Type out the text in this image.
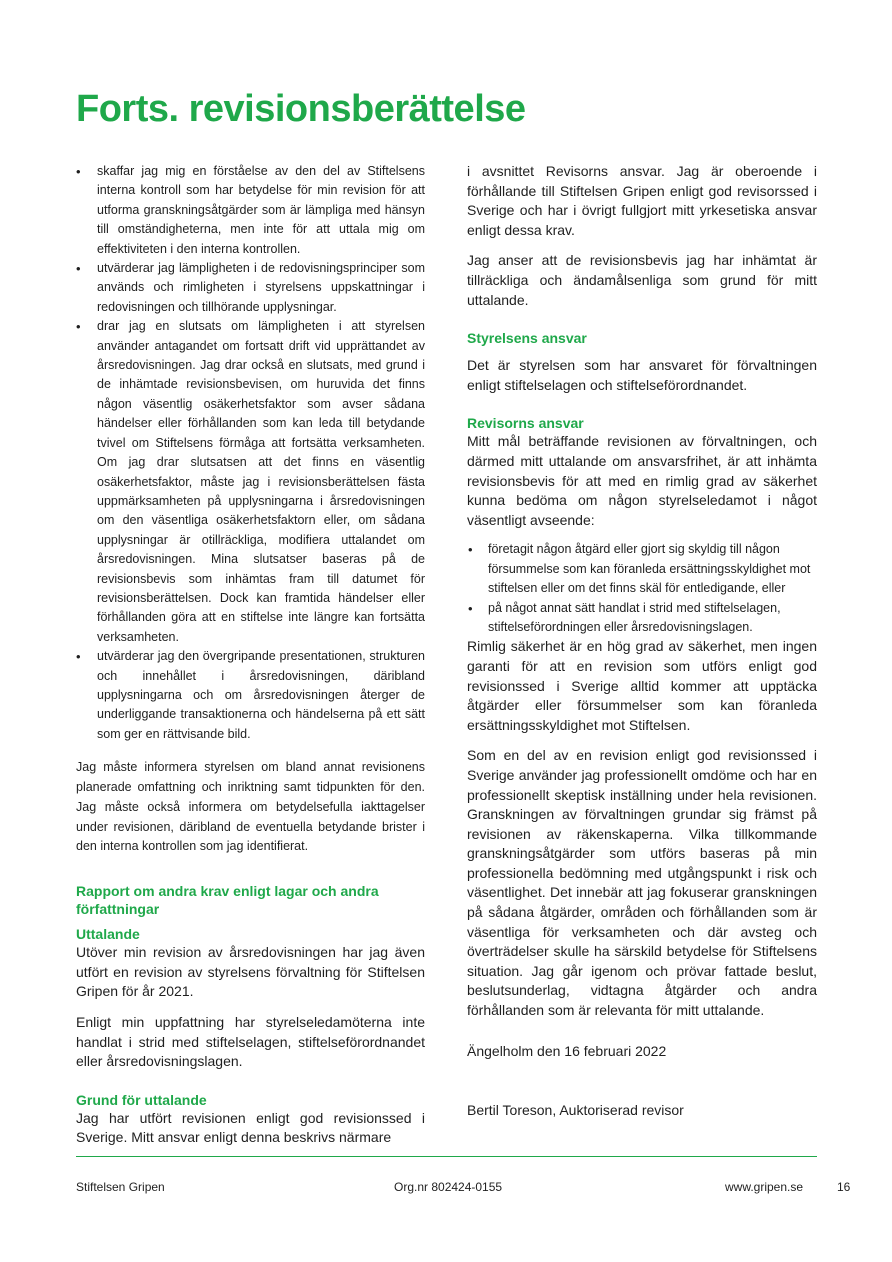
Forts. revisionsberättelse
• skaffar jag mig en förståelse av den del av Stiftelsens interna kontroll som har betydelse för min revision för att utforma granskningsåtgärder som är lämpliga med hänsyn till omständigheterna, men inte för att uttala mig om effektiviteten i den interna kontrollen.
• utvärderar jag lämpligheten i de redovisningsprinciper som används och rimligheten i styrelsens uppskattningar i redovisningen och tillhörande upplysningar.
• drar jag en slutsats om lämpligheten i att styrelsen använder antagandet om fortsatt drift vid upprättandet av årsredovisningen. Jag drar också en slutsats, med grund i de inhämtade revisionsbevisen, om huruvida det finns någon väsentlig osäkerhetsfaktor som avser sådana händelser eller förhållanden som kan leda till betydande tvivel om Stiftelsens förmåga att fortsätta verksamheten. Om jag drar slutsatsen att det finns en väsentlig osäkerhetsfaktor, måste jag i revisionsberättelsen fästa uppmärksamheten på upplysningarna i årsredovisningen om den väsentliga osäkerhetsfaktorn eller, om sådana upplysningar är otillräckliga, modifiera uttalandet om årsredovisningen. Mina slutsatser baseras på de revisionsbevis som inhämtas fram till datumet för revisionsberättelsen. Dock kan framtida händelser eller förhållanden göra att en stiftelse inte längre kan fortsätta verksamheten.
• utvärderar jag den övergripande presentationen, strukturen och innehållet i årsredovisningen, däribland upplysningarna och om årsredovisningen återger de underliggande transaktionerna och händelserna på ett sätt som ger en rättvisande bild.

Jag måste informera styrelsen om bland annat revisionens planerade omfattning och inriktning samt tidpunkten för den. Jag måste också informera om betydelsefulla iakttagelser under revisionen, däribland de eventuella betydande brister i den interna kontrollen som jag identifierat.

Rapport om andra krav enligt lagar och andra författningar

Uttalande

Utöver min revision av årsredovisningen har jag även utfört en revision av styrelsens förvaltning för Stiftelsen Gripen för år 2021.

Enligt min uppfattning har styrelseledamöterna inte handlat i strid med stiftelselagen, stiftelseförordnandet eller årsredovisningslagen.

Grund för uttalande

Jag har utfört revisionen enligt god revisionssed i Sverige. Mitt ansvar enligt denna beskrivs närmare

i avsnittet Revisorns ansvar. Jag är oberoende i förhållande till Stiftelsen Gripen enligt god revisorssed i Sverige och har i övrigt fullgjort mitt yrkesetiska ansvar enligt dessa krav.

Jag anser att de revisionsbevis jag har inhämtat är tillräckliga och ändamålsenliga som grund för mitt uttalande.

Styrelsens ansvar

Det är styrelsen som har ansvaret för förvaltningen enligt stiftelselagen och stiftelseförordnandet.

Revisorns ansvar

Mitt mål beträffande revisionen av förvaltningen, och därmed mitt uttalande om ansvarsfrihet, är att inhämta revisionsbevis för att med en rimlig grad av säkerhet kunna bedöma om någon styrelseledamot i något väsentligt avseende:

• företagit någon åtgärd eller gjort sig skyldig till någon försummelse som kan föranleda ersättningsskyldighet mot stiftelsen eller om det finns skäl för entledigande, eller
• på något annat sätt handlat i strid med stiftelselagen, stiftelseförordningen eller årsredovisningslagen.

Rimlig säkerhet är en hög grad av säkerhet, men ingen garanti för att en revision som utförs enligt god revisionssed i Sverige alltid kommer att upptäcka åtgärder eller försummelser som kan föranleda ersättningsskyldighet mot Stiftelsen.

Som en del av en revision enligt god revisionssed i Sverige använder jag professionellt omdöme och har en professionellt skeptisk inställning under hela revisionen. Granskningen av förvaltningen grundar sig främst på revisionen av räkenskaperna. Vilka tillkommande granskningsåtgärder som utförs baseras på min professionella bedömning med utgångspunkt i risk och väsentlighet. Det innebär att jag fokuserar granskningen på sådana åtgärder, områden och förhållanden som är väsentliga för verksamheten och där avsteg och överträdelser skulle ha särskild betydelse för Stiftelsens situation. Jag går igenom och prövar fattade beslut, beslutsunderlag, vidtagna åtgärder och andra förhållanden som är relevanta för mitt uttalande.

Ängelholm den 16 februari 2022

Bertil Toreson, Auktoriserad revisor

Stiftelsen Gripen	Org.nr 802424-0155	www.gripen.se	16
